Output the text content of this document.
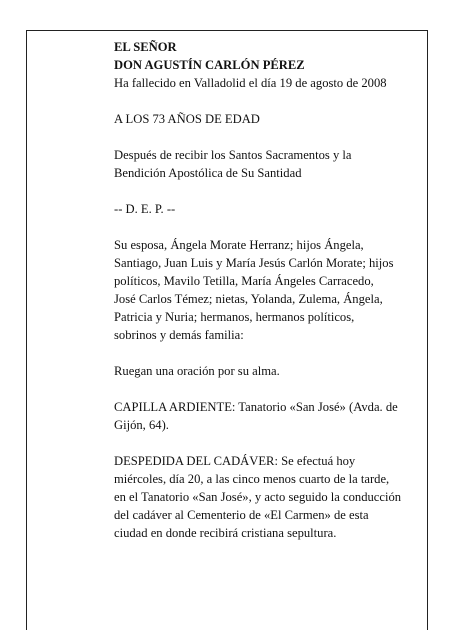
EL SEÑOR

DON AGUSTÍN CARLÓN PÉREZ

Ha fallecido en Valladolid el día 19 de agosto de 2008

A LOS 73 AÑOS DE EDAD

Después de recibir los Santos Sacramentos y la

Bendición Apostólica de Su Santidad

-- D. E. P. --

Su esposa, Ángela Morate Herranz; hijos Ángela,

Santiago, Juan Luis y María Jesús Carlón Morate; hijos

políticos, Mavilo Tetilla, María Ángeles Carracedo,

José Carlos Témez; nietas, Yolanda, Zulema, Ángela,

Patricia y Nuria; hermanos, hermanos políticos,

sobrinos y demás familia:

Ruegan una oración por su alma.

CAPILLA ARDIENTE: Tanatorio «San José» (Avda. de

Gijón, 64).

DESPEDIDA DEL CADÁVER: Se efectuá hoy

miércoles, día 20, a las cinco menos cuarto de la tarde,

en el Tanatorio «San José», y acto seguido la conducción

del cadáver al Cementerio de «El Carmen» de esta

ciudad en donde recibirá cristiana sepultura.
